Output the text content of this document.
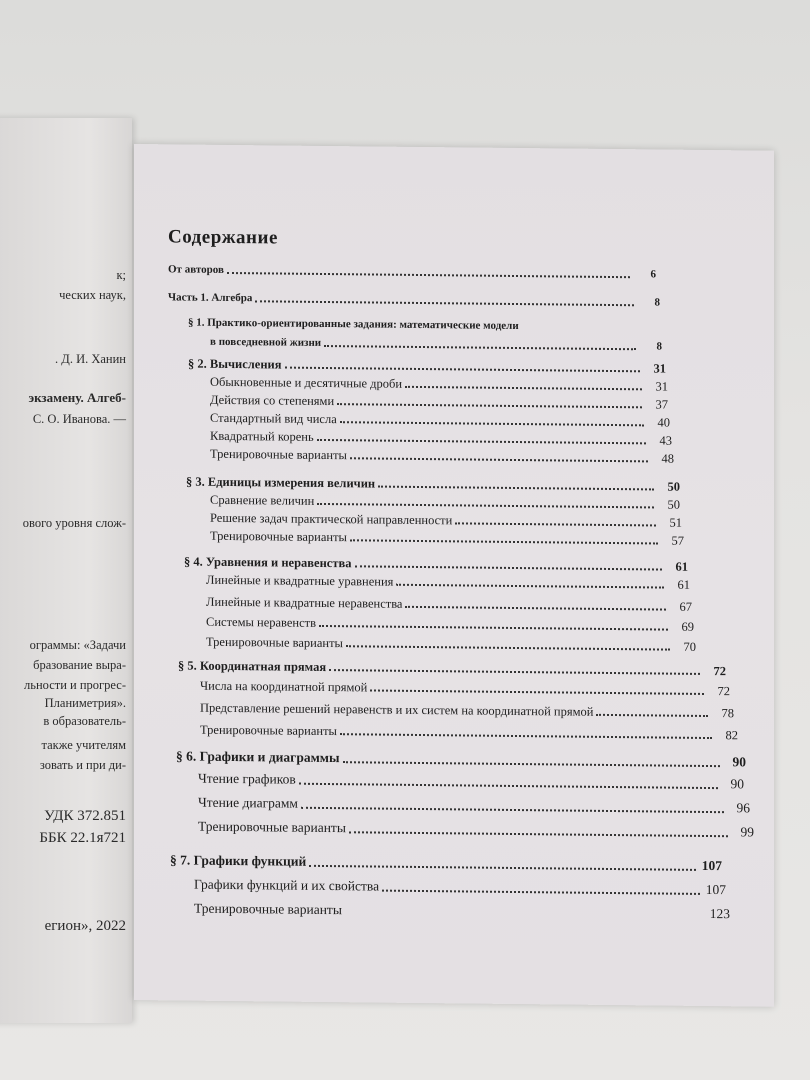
к;
ческих наук,
. Д. И. Ханин
экзамену. Алгеб-
С. О. Иванова. —
ового уровня слож-
ограммы: «Задачи
бразование выра-
льности и прогрес-
Планиметрия».
в образователь-
также учителям
зовать и при ди-
УДК 372.851
ББК 22.1я721
егион», 2022
Содержание
От авторов	6
Часть 1. Алгебра	8
§ 1. Практико-ориентированные задания: математические модели
в повседневной жизни	8
§ 2. Вычисления	31
Обыкновенные и десятичные дроби	31
Действия со степенями	37
Стандартный вид числа	40
Квадратный корень	43
Тренировочные варианты	48
§ 3. Единицы измерения величин	50
Сравнение величин	50
Решение задач практической направленности	51
Тренировочные варианты	57
§ 4. Уравнения и неравенства	61
Линейные и квадратные уравнения	61
Линейные и квадратные неравенства	67
Системы неравенств	69
Тренировочные варианты	70
§ 5. Координатная прямая	72
Числа на координатной прямой	72
Представление решений неравенств и их систем на координатной прямой	78
Тренировочные варианты	82
§ 6. Графики и диаграммы	90
Чтение графиков	90
Чтение диаграмм	96
Тренировочные варианты	99
§ 7. Графики функций	107
Графики функций и их свойства	107
Тренировочные варианты	123
